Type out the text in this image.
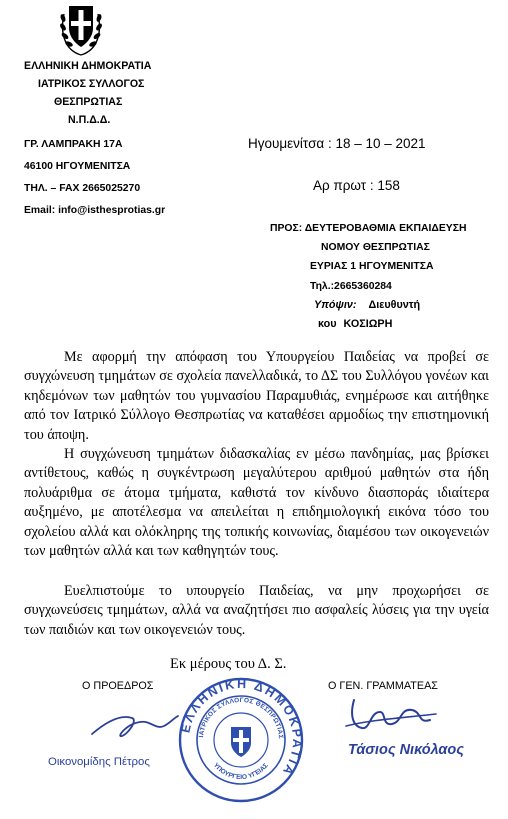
ΕΛΛΗΝΙΚΗ ΔΗΜΟΚΡΑΤΙΑ
ΙΑΤΡΙΚΟΣ ΣΥΛΛΟΓΟΣ
ΘΕΣΠΡΩΤΙΑΣ
Ν.Π.Δ.Δ.
ΓΡ. ΛΑΜΠΡΑΚΗ 17Α
46100 ΗΓΟΥΜΕΝΙΤΣΑ
ΤΗΛ. – FAX 2665025270
Email: info@isthesprotias.gr
Ηγουμενίτσα : 18 – 10 – 2021
Αρ πρωτ : 158
ΠΡΟΣ: ΔΕΥΤΕΡΟΒΑΘΜΙΑ ΕΚΠΑΙΔΕΥΣΗ
ΝΟΜΟΥ ΘΕΣΠΡΩΤΙΑΣ
ΕΥΡΙΑΣ 1 ΗΓΟΥΜΕΝΙΤΣΑ
Τηλ.:2665360284
Υπόψιν: Διευθυντή
κου ΚΟΣΙΩΡΗ

Με αφορμή την απόφαση του Υπουργείου Παιδείας να προβεί σε συγχώνευση τμημάτων σε σχολεία πανελλαδικά, το ΔΣ του Συλλόγου γονέων και κηδεμόνων των μαθητών του γυμνασίου Παραμυθιάς, ενημέρωσε και αιτήθηκε από τον Ιατρικό Σύλλογο Θεσπρωτίας να καταθέσει αρμοδίως την επιστημονική του άποψη.

Η συγχώνευση τμημάτων διδασκαλίας εν μέσω πανδημίας, μας βρίσκει αντίθετους, καθώς η συγκέντρωση μεγαλύτερου αριθμού μαθητών στα ήδη πολυάριθμα σε άτομα τμήματα, καθιστά τον κίνδυνο διασποράς ιδιαίτερα αυξημένο, με αποτέλεσμα να απειλείται η επιδημιολογική εικόνα τόσο του σχολείου αλλά και ολόκληρης της τοπικής κοινωνίας, διαμέσου των οικογενειών των μαθητών αλλά και των καθηγητών τους.

Ευελπιστούμε το υπουργείο Παιδείας, να μην προχωρήσει σε συγχωνεύσεις τμημάτων, αλλά να αναζητήσει πιο ασφαλείς λύσεις για την υγεία των παιδιών και των οικογενειών τους.

Εκ μέρους του Δ. Σ.
Ο ΠΡΟΕΔΡΟΣ	Ο ΓΕΝ. ΓΡΑΜΜΑΤΕΑΣ
ΕΛΛΗΝΙΚΗ ΔΗΜΟΚΡΑΤΙΑ
ΙΑΤΡΙΚΟΣ ΣΥΛΛΟΓΟΣ ΘΕΣΠΡΩΤΙΑΣ
ΥΠΟΥΡΓΕΙΟ ΥΓΕΙΑΣ
Οικονομίδης Πέτρος
Τάσιος Νικόλαος
